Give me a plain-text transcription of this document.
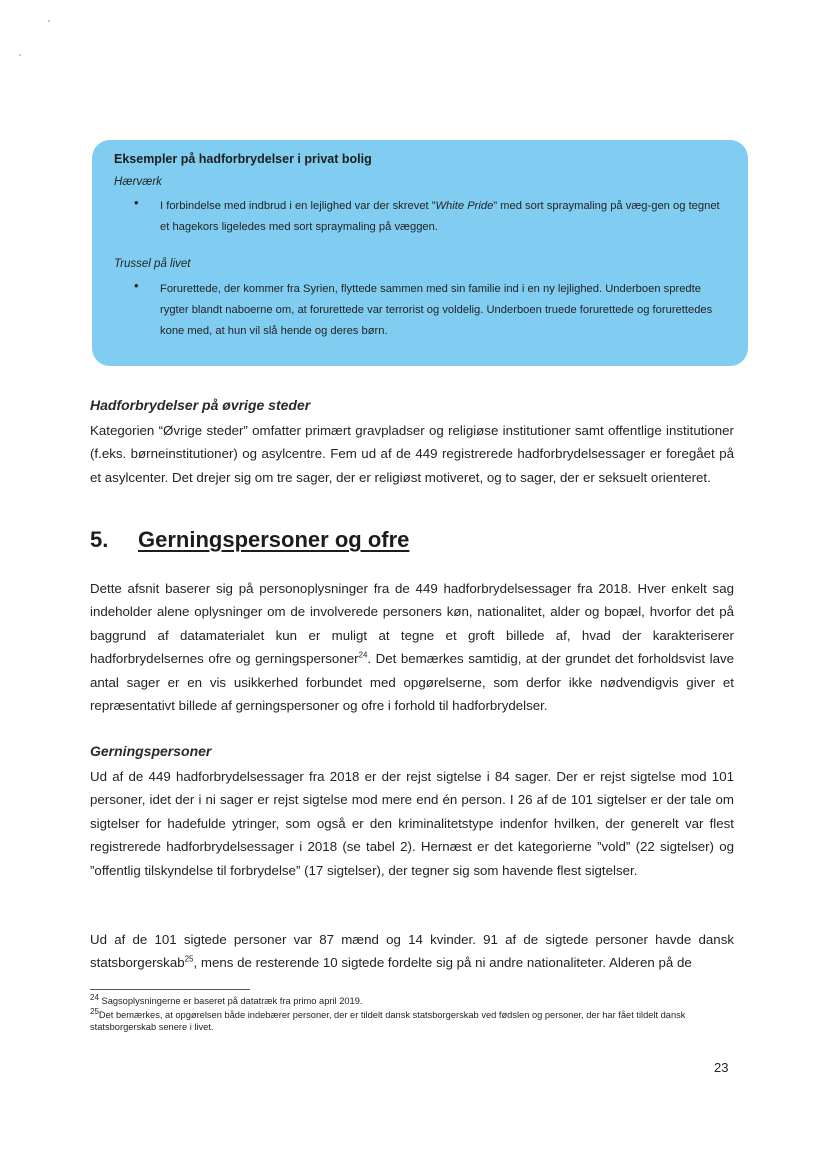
Eksempler på hadforbrydelser i privat bolig
Hærværk
• I forbindelse med indbrud i en lejlighed var der skrevet ”White Pride” med sort spraymaling på væg-gen og tegnet et hagekors ligeledes med sort spraymaling på væggen.
Trussel på livet
• Forurettede, der kommer fra Syrien, flyttede sammen med sin familie ind i en ny lejlighed. Underboen spredte rygter blandt naboerne om, at forurettede var terrorist og voldelig. Underboen truede forurettede og forurettedes kone med, at hun vil slå hende og deres børn.
Hadforbrydelser på øvrige steder
Kategorien “Øvrige steder” omfatter primært gravpladser og religiøse institutioner samt offentlige institutioner (f.eks. børneinstitutioner) og asylcentre. Fem ud af de 449 registrerede hadforbrydelsessager er foregået på et asylcenter. Det drejer sig om tre sager, der er religiøst motiveret, og to sager, der er seksuelt orienteret.
5. Gerningspersoner og ofre
Dette afsnit baserer sig på personoplysninger fra de 449 hadforbrydelsessager fra 2018. Hver enkelt sag indeholder alene oplysninger om de involverede personers køn, nationalitet, alder og bopæl, hvorfor det på baggrund af datamaterialet kun er muligt at tegne et groft billede af, hvad der karakteriserer hadforbrydelsernes ofre og gerningspersoner$^{24}$. Det bemærkes samtidig, at der grundet det forholdsvist lave antal sager er en vis usikkerhed forbundet med opgørelserne, som derfor ikke nødvendigvis giver et repræsentativt billede af gerningspersoner og ofre i forhold til hadforbrydelser.
Gerningspersoner
Ud af de 449 hadforbrydelsessager fra 2018 er der rejst sigtelse i 84 sager. Der er rejst sigtelse mod 101 personer, idet der i ni sager er rejst sigtelse mod mere end én person. I 26 af de 101 sigtelser er der tale om sigtelser for hadefulde ytringer, som også er den kriminalitetstype indenfor hvilken, der generelt var flest registrerede hadforbrydelsessager i 2018 (se tabel 2). Hernæst er det kategorierne ”vold” (22 sigtelser) og ”offentlig tilskyndelse til forbrydelse” (17 sigtelser), der tegner sig som havende flest sigtelser.
Ud af de 101 sigtede personer var 87 mænd og 14 kvinder. 91 af de sigtede personer havde dansk statsborgerskab$^{25}$, mens de resterende 10 sigtede fordelte sig på ni andre nationaliteter. Alderen på de
$^{24}$ Sagsoplysningerne er baseret på datatræk fra primo april 2019.
$^{25}$Det bemærkes, at opgørelsen både indebærer personer, der er tildelt dansk statsborgerskab ved fødslen og personer, der har fået tildelt dansk statsborgerskab senere i livet.
23
